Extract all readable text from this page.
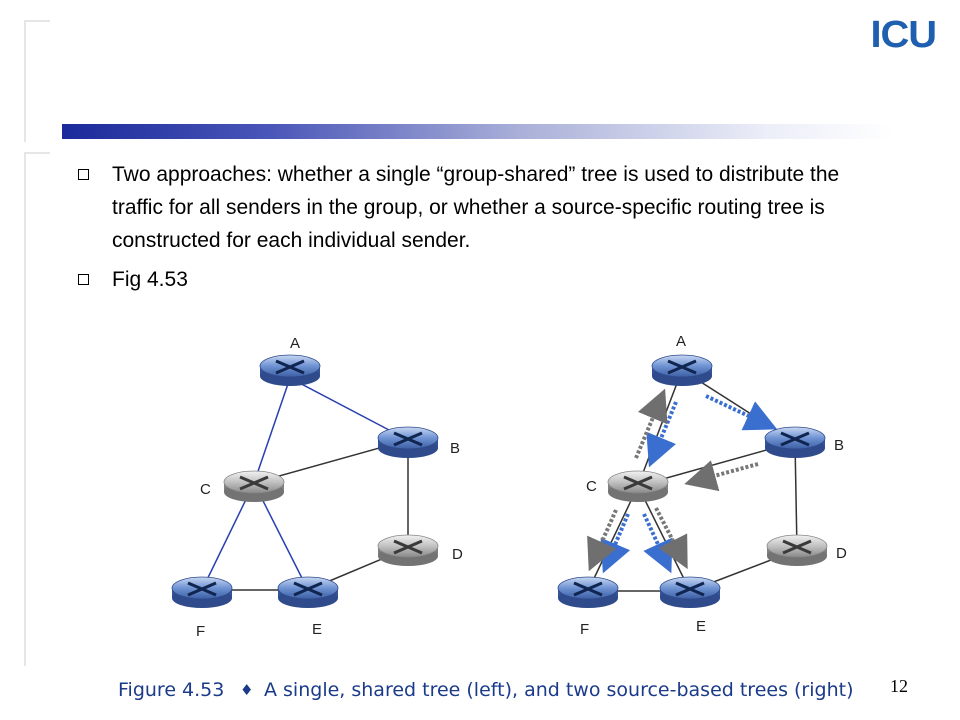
ICU
Two approaches: whether a single “group-shared” tree is used to distribute the traffic for all senders in the group, or whether a source-specific routing tree is constructed for each individual sender.
Fig 4.53
A
B
C
D
E
F
A
B
C
D
E
F
Figure 4.53 ♦ A single, shared tree (left), and two source-based trees (right) 12
